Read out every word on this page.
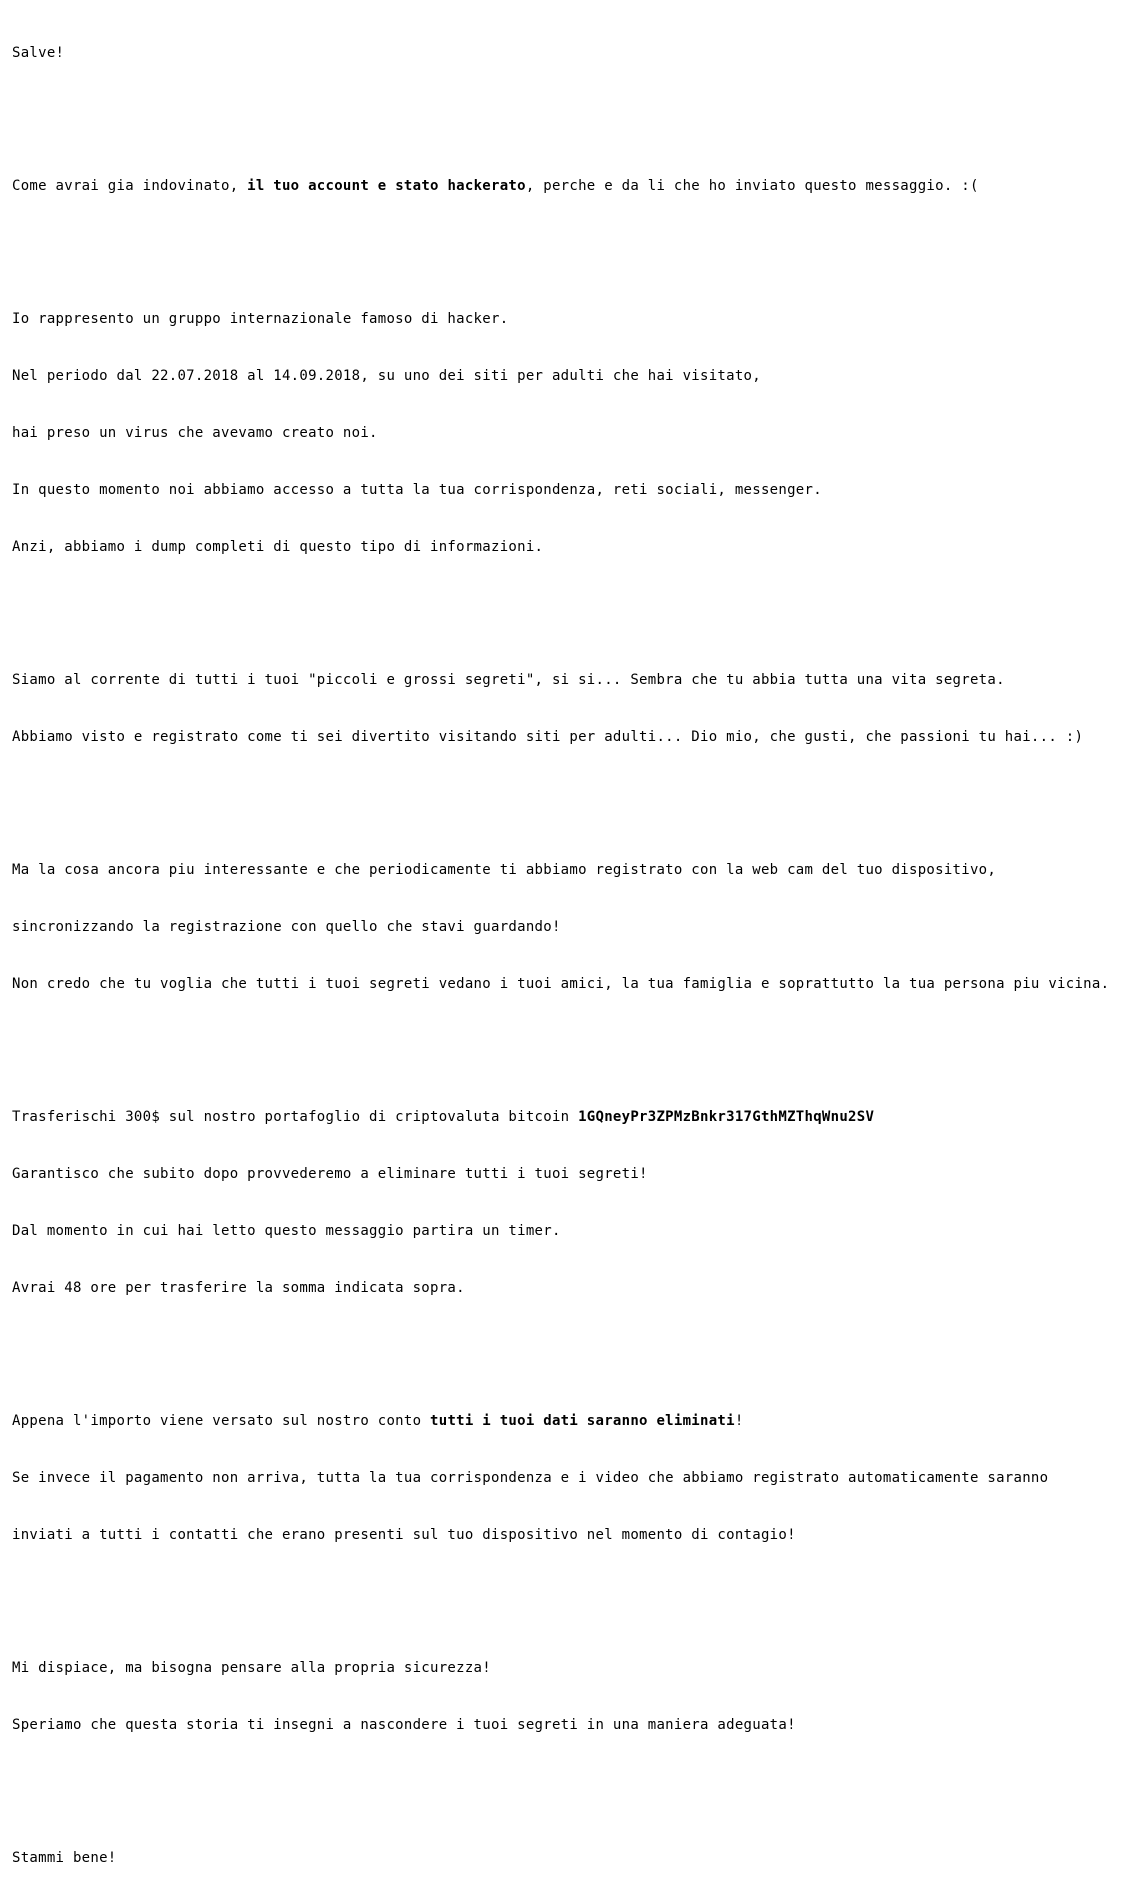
Salve!

Come avrai gia indovinato, il tuo account e stato hackerato, perche e da li che ho inviato questo messaggio. :(

Io rappresento un gruppo internazionale famoso di hacker.

Nel periodo dal 22.07.2018 al 14.09.2018, su uno dei siti per adulti che hai visitato,

hai preso un virus che avevamo creato noi.

In questo momento noi abbiamo accesso a tutta la tua corrispondenza, reti sociali, messenger.

Anzi, abbiamo i dump completi di questo tipo di informazioni.

Siamo al corrente di tutti i tuoi "piccoli e grossi segreti", si si... Sembra che tu abbia tutta una vita segreta.

Abbiamo visto e registrato come ti sei divertito visitando siti per adulti... Dio mio, che gusti, che passioni tu hai... :)

Ma la cosa ancora piu interessante e che periodicamente ti abbiamo registrato con la web cam del tuo dispositivo,

sincronizzando la registrazione con quello che stavi guardando!

Non credo che tu voglia che tutti i tuoi segreti vedano i tuoi amici, la tua famiglia e soprattutto la tua persona piu vicina.

Trasferischi 300$ sul nostro portafoglio di criptovaluta bitcoin 1GQneyPr3ZPMzBnkr317GthMZThqWnu2SV

Garantisco che subito dopo provvederemo a eliminare tutti i tuoi segreti!

Dal momento in cui hai letto questo messaggio partira un timer.

Avrai 48 ore per trasferire la somma indicata sopra.

Appena l'importo viene versato sul nostro conto tutti i tuoi dati saranno eliminati!

Se invece il pagamento non arriva, tutta la tua corrispondenza e i video che abbiamo registrato automaticamente saranno

inviati a tutti i contatti che erano presenti sul tuo dispositivo nel momento di contagio!

Mi dispiace, ma bisogna pensare alla propria sicurezza!

Speriamo che questa storia ti insegni a nascondere i tuoi segreti in una maniera adeguata!

Stammi bene!
